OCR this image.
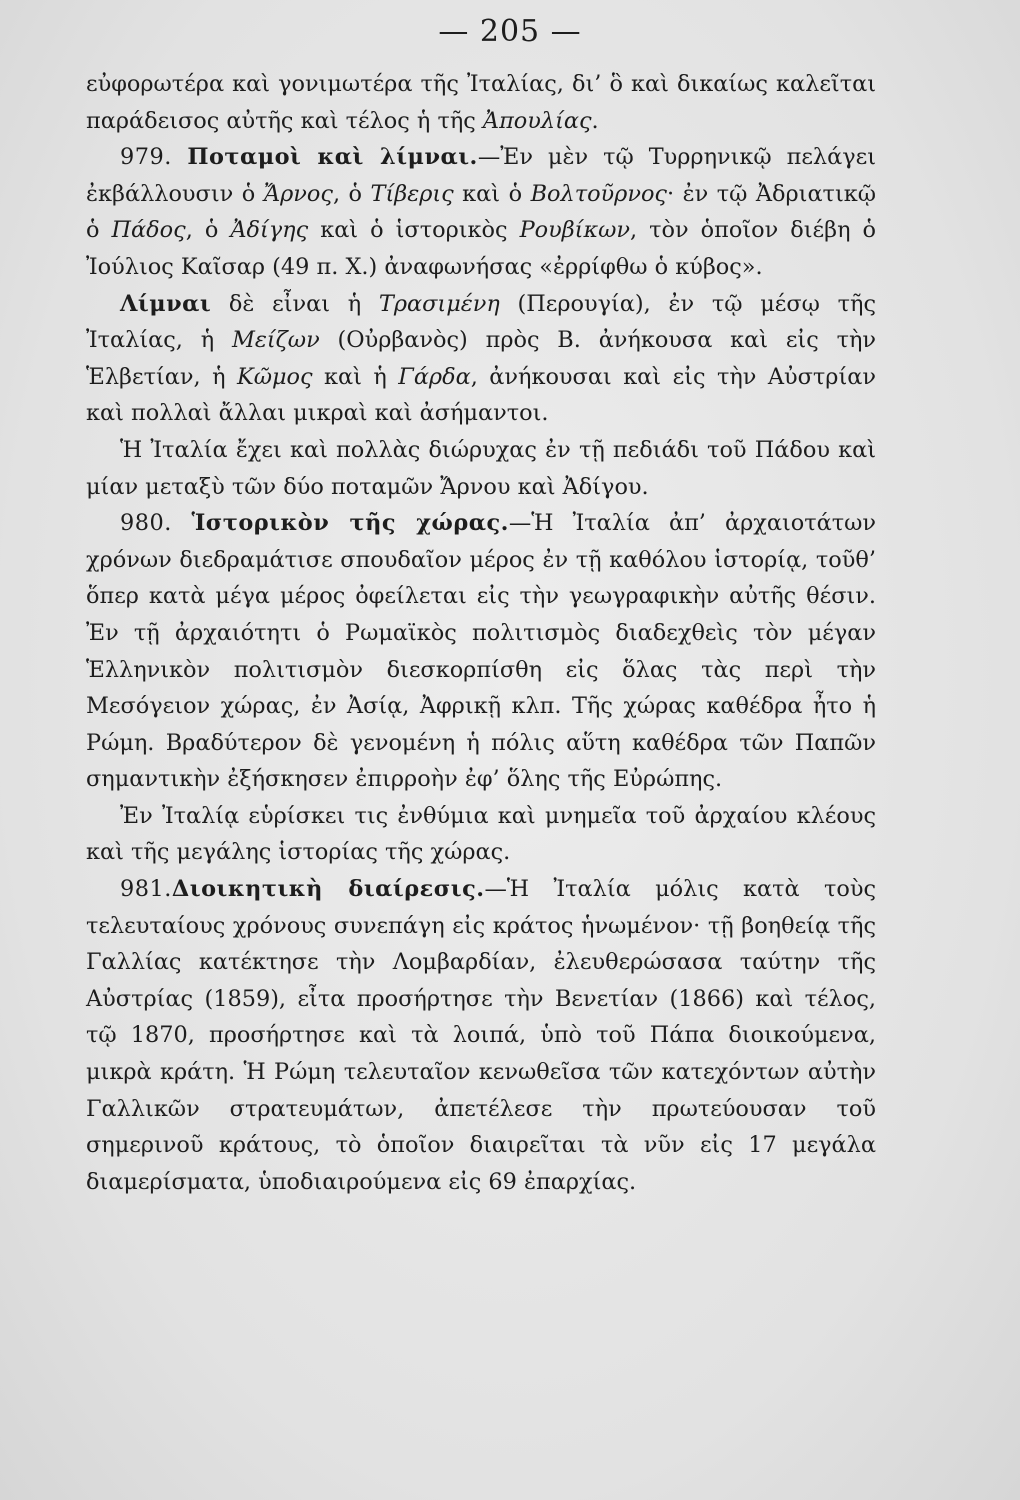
— 205 —

εὐφορωτέρα καὶ γονιμωτέρα τῆς Ἰταλίας, δι’ ὃ καὶ δικαίως καλεῖται παράδεισος αὐτῆς καὶ τέλος ἡ τῆς Ἀπουλίας.

979. Ποταμοὶ καὶ λίμναι.—Ἐν μὲν τῷ Τυρρηνικῷ πελάγει ἐκβάλλουσιν ὁ Ἄρνος, ὁ Τίβερις καὶ ὁ Βολτοῦρνος· ἐν τῷ Ἀδριατικῷ ὁ Πάδος, ὁ Ἀδίγης καὶ ὁ ἱστορικὸς Ρουβίκων, τὸν ὁποῖον διέβη ὁ Ἰούλιος Καῖσαρ (49 π. Χ.) ἀναφωνήσας «ἐρρίφθω ὁ κύβος».

Λίμναι δὲ εἶναι ἡ Τρασιμένη (Περουγία), ἐν τῷ μέσῳ τῆς Ἰταλίας, ἡ Μείζων (Οὐρβανὸς) πρὸς Β. ἀνήκουσα καὶ εἰς τὴν Ἑλβετίαν, ἡ Κῶμος καὶ ἡ Γάρδα, ἀνήκουσαι καὶ εἰς τὴν Αὐστρίαν καὶ πολλαὶ ἄλλαι μικραὶ καὶ ἀσήμαντοι.

Ἡ Ἰταλία ἔχει καὶ πολλὰς διώρυχας ἐν τῇ πεδιάδι τοῦ Πάδου καὶ μίαν μεταξὺ τῶν δύο ποταμῶν Ἄρνου καὶ Ἀδίγου.

980. Ἱστορικὸν τῆς χώρας.—Ἡ Ἰταλία ἀπ’ ἀρχαιοτάτων χρόνων διεδραμάτισε σπουδαῖον μέρος ἐν τῇ καθόλου ἱστορίᾳ, τοῦθ’ ὅπερ κατὰ μέγα μέρος ὀφείλεται εἰς τὴν γεωγραφικὴν αὐτῆς θέσιν. Ἐν τῇ ἀρχαιότητι ὁ Ρωμαϊκὸς πολιτισμὸς διαδεχθεὶς τὸν μέγαν Ἑλληνικὸν πολιτισμὸν διεσκορπίσθη εἰς ὅλας τὰς περὶ τὴν Μεσόγειον χώρας, ἐν Ἀσίᾳ, Ἀφρικῇ κλπ. Τῆς χώρας καθέδρα ἦτο ἡ Ρώμη. Βραδύτερον δὲ γενομένη ἡ πόλις αὕτη καθέδρα τῶν Παπῶν σημαντικὴν ἐξήσκησεν ἐπιρροὴν ἐφ’ ὅλης τῆς Εὐρώπης.

Ἐν Ἰταλίᾳ εὑρίσκει τις ἐνθύμια καὶ μνημεῖα τοῦ ἀρχαίου κλέους καὶ τῆς μεγάλης ἱστορίας τῆς χώρας.

981.Διοικητικὴ διαίρεσις.—Ἡ Ἰταλία μόλις κατὰ τοὺς τελευταίους χρόνους συνεπάγη εἰς κράτος ἡνωμένον· τῇ βοηθείᾳ τῆς Γαλλίας κατέκτησε τὴν Λομβαρδίαν, ἐλευθερώσασα ταύτην τῆς Αὐστρίας (1859), εἶτα προσήρτησε τὴν Βενετίαν (1866) καὶ τέλος, τῷ 1870, προσήρτησε καὶ τὰ λοιπά, ὑπὸ τοῦ Πάπα διοικούμενα, μικρὰ κράτη. Ἡ Ρώμη τελευταῖον κενωθεῖσα τῶν κατεχόντων αὐτὴν Γαλλικῶν στρατευμάτων, ἀπετέλεσε τὴν πρωτεύουσαν τοῦ σημερινοῦ κράτους, τὸ ὁποῖον διαιρεῖται τὰ νῦν εἰς 17 μεγάλα διαμερίσματα, ὑποδιαιρούμενα εἰς 69 ἐπαρχίας.
